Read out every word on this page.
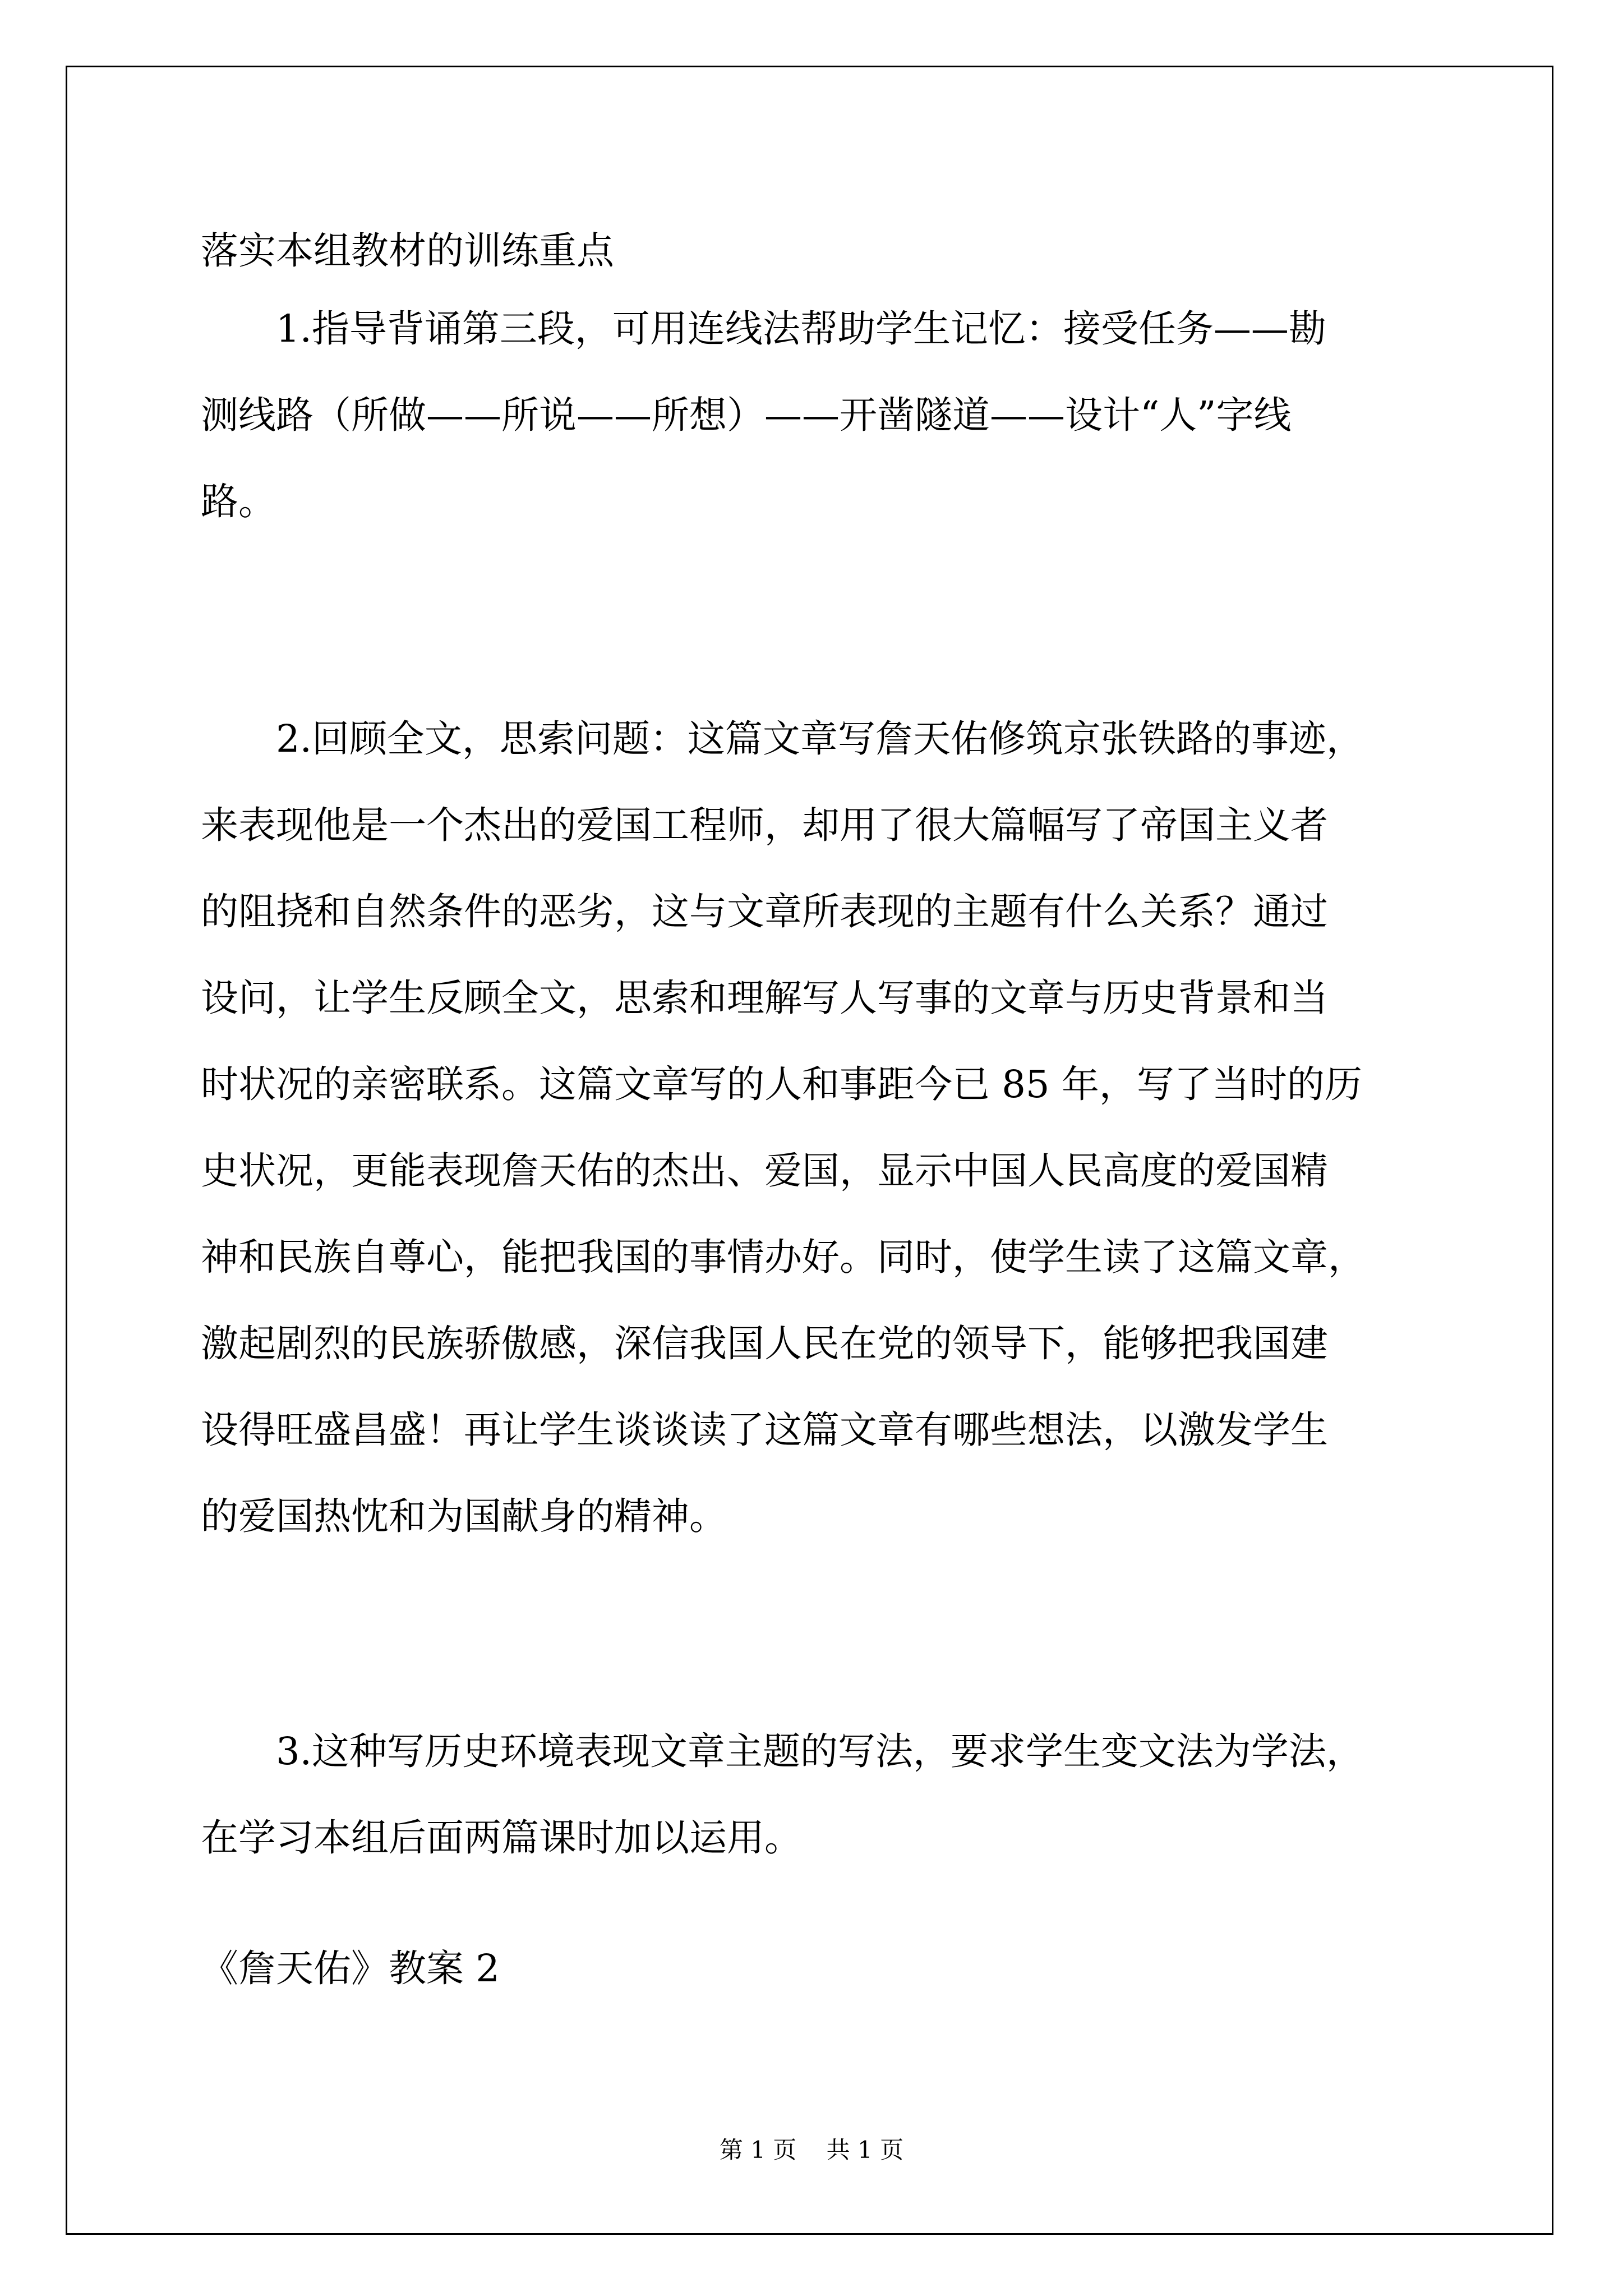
落实本组教材的训练重点
1.指导背诵第三段，可用连线法帮助学生记忆：接受任务——勘
测线路（所做——所说——所想）——开凿隧道——设计“人”字线
路。
2.回顾全文，思索问题：这篇文章写詹天佑修筑京张铁路的事迹，
来表现他是一个杰出的爱国工程师，却用了很大篇幅写了帝国主义者
的阻挠和自然条件的恶劣，这与文章所表现的主题有什么关系？通过
设问，让学生反顾全文，思索和理解写人写事的文章与历史背景和当
时状况的亲密联系。这篇文章写的人和事距今已 85 年，写了当时的历
史状况，更能表现詹天佑的杰出、爱国，显示中国人民高度的爱国精
神和民族自尊心，能把我国的事情办好。同时，使学生读了这篇文章，
激起剧烈的民族骄傲感，深信我国人民在党的领导下，能够把我国建
设得旺盛昌盛！再让学生谈谈读了这篇文章有哪些想法，以激发学生
的爱国热忱和为国献身的精神。
3.这种写历史环境表现文章主题的写法，要求学生变文法为学法，
在学习本组后面两篇课时加以运用。
《詹天佑》教案 2
第 1 页 共 1 页
